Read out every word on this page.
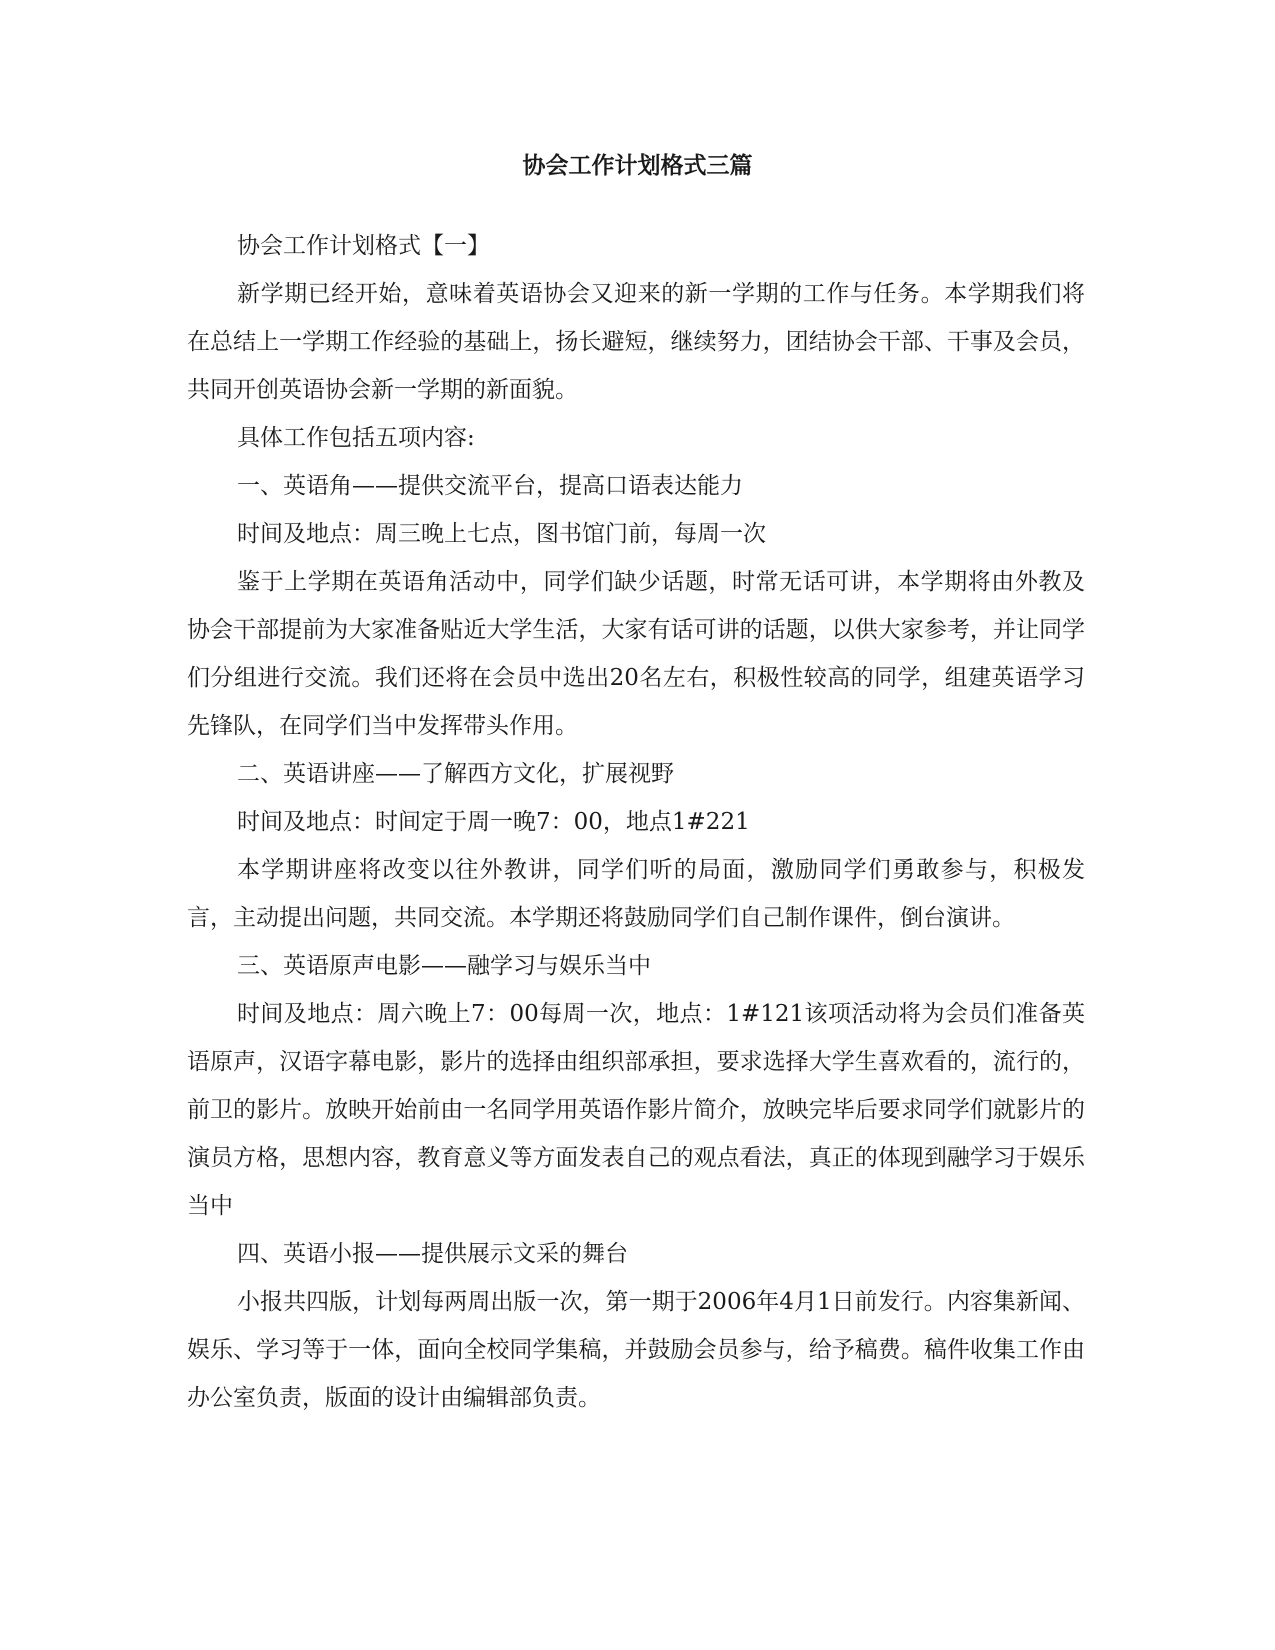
协会工作计划格式三篇

协会工作计划格式【一】

新学期已经开始，意味着英语协会又迎来的新一学期的工作与任务。本学期我们将在总结上一学期工作经验的基础上，扬长避短，继续努力，团结协会干部、干事及会员，共同开创英语协会新一学期的新面貌。

具体工作包括五项内容:

一、英语角——提供交流平台，提高口语表达能力

时间及地点：周三晚上七点，图书馆门前，每周一次

鉴于上学期在英语角活动中，同学们缺少话题，时常无话可讲，本学期将由外教及协会干部提前为大家准备贴近大学生活，大家有话可讲的话题，以供大家参考，并让同学们分组进行交流。我们还将在会员中选出20名左右，积极性较高的同学，组建英语学习先锋队，在同学们当中发挥带头作用。

二、英语讲座——了解西方文化，扩展视野

时间及地点：时间定于周一晚7：00，地点1#221

本学期讲座将改变以往外教讲，同学们听的局面，激励同学们勇敢参与，积极发言，主动提出问题，共同交流。本学期还将鼓励同学们自己制作课件，倒台演讲。

三、英语原声电影——融学习与娱乐当中

时间及地点：周六晚上7：00每周一次，地点：1#121该项活动将为会员们准备英语原声，汉语字幕电影，影片的选择由组织部承担，要求选择大学生喜欢看的，流行的，前卫的影片。放映开始前由一名同学用英语作影片简介，放映完毕后要求同学们就影片的演员方格，思想内容，教育意义等方面发表自己的观点看法，真正的体现到融学习于娱乐当中

四、英语小报——提供展示文采的舞台

小报共四版，计划每两周出版一次，第一期于2006年4月1日前发行。内容集新闻、娱乐、学习等于一体，面向全校同学集稿，并鼓励会员参与，给予稿费。稿件收集工作由办公室负责，版面的设计由编辑部负责。
